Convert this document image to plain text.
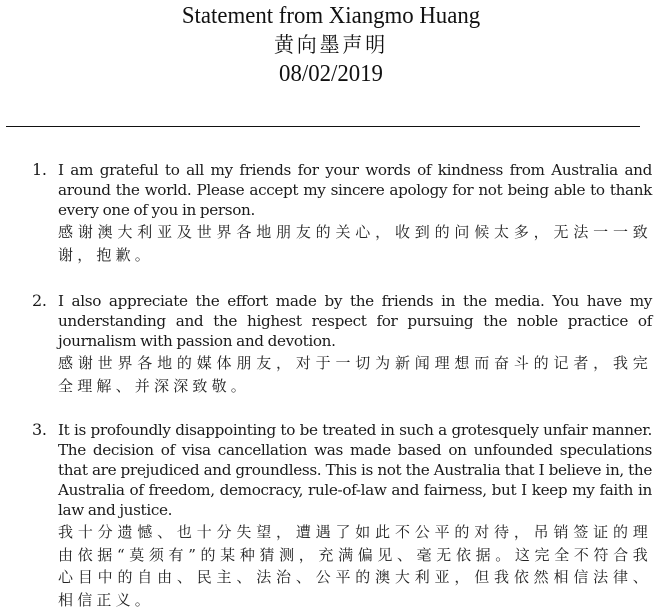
Statement from Xiangmo Huang
黄向墨声明
08/02/2019
1. I am grateful to all my friends for your words of kindness from Australia and around the world. Please accept my sincere apology for not being able to thank every one of you in person.
感谢澳大利亚及世界各地朋友的关心，收到的问候太多，无法一一致谢，抱歉。
2. I also appreciate the effort made by the friends in the media. You have my understanding and the highest respect for pursuing the noble practice of journalism with passion and devotion.
感谢世界各地的媒体朋友，对于一切为新闻理想而奋斗的记者，我完全理解、并深深致敬。
3. It is profoundly disappointing to be treated in such a grotesquely unfair manner. The decision of visa cancellation was made based on unfounded speculations that are prejudiced and groundless. This is not the Australia that I believe in, the Australia of freedom, democracy, rule-of-law and fairness, but I keep my faith in law and justice.
我十分遗憾、也十分失望，遭遇了如此不公平的对待，吊销签证的理由依据“莫须有”的某种猜测，充满偏见、毫无依据。这完全不符合我心目中的自由、民主、法治、公平的澳大利亚，但我依然相信法律、相信正义。
